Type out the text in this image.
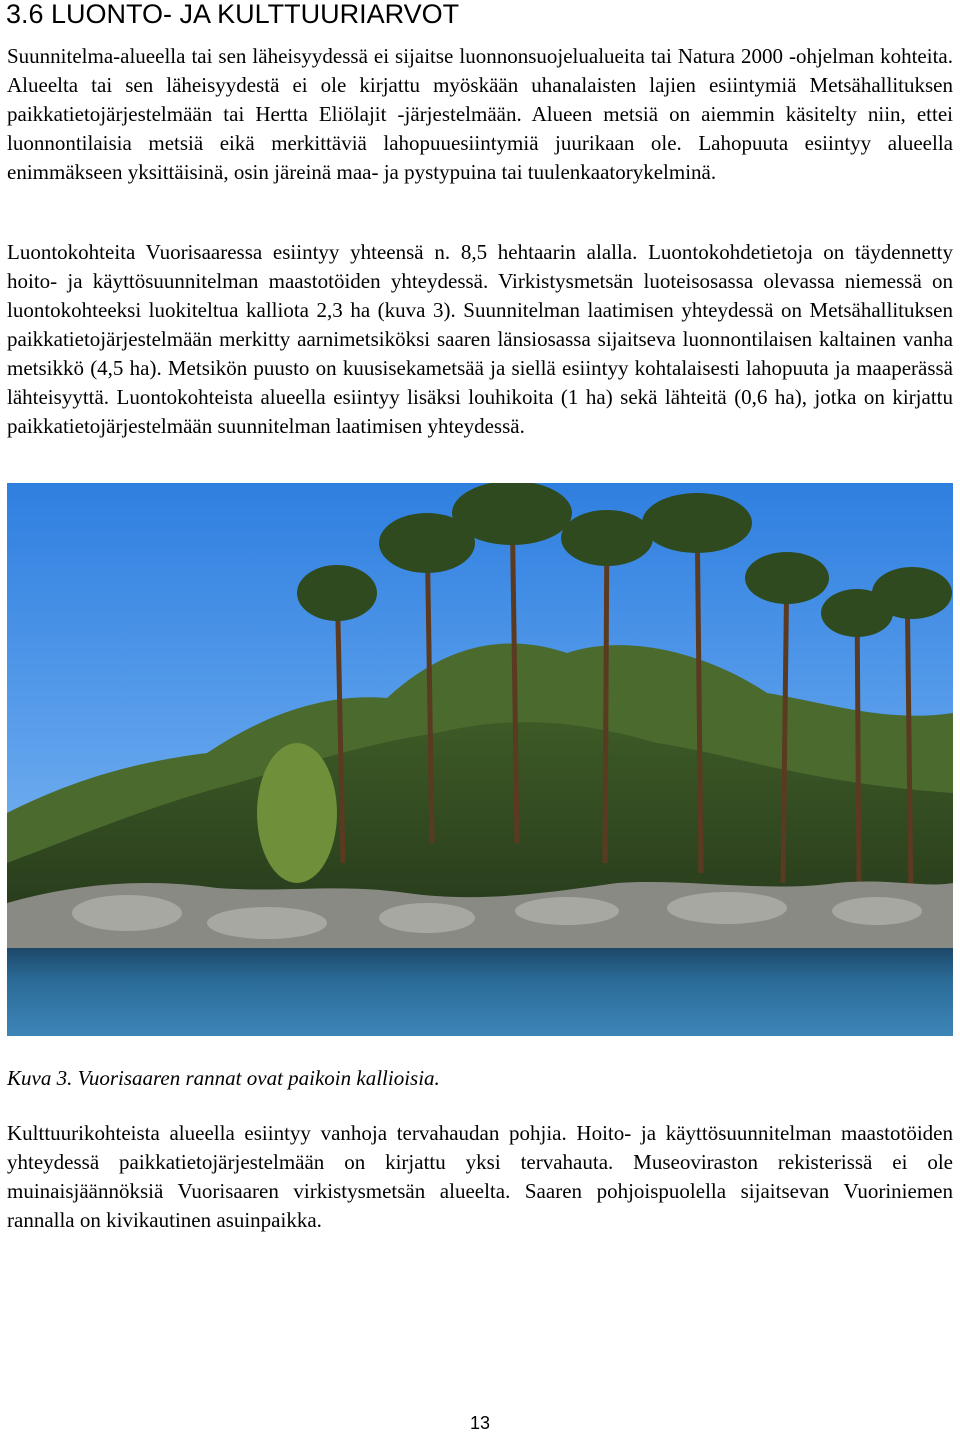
3.6 LUONTO- JA KULTTUURIARVOT

Suunnitelma-alueella tai sen läheisyydessä ei sijaitse luonnonsuojelualueita tai Natura 2000 -ohjelman kohteita. Alueelta tai sen läheisyydestä ei ole kirjattu myöskään uhanalaisten lajien esiintymiä Metsähallituksen paikkatietojärjestelmään tai Hertta Eliölajit -järjestelmään. Alueen metsiä on aiemmin käsitelty niin, ettei luonnontilaisia metsiä eikä merkittäviä lahopuuesiintymiä juurikaan ole. Lahopuuta esiintyy alueella enimmäkseen yksittäisinä, osin järeinä maa- ja pystypuina tai tuulenkaatorykelminä.

Luontokohteita Vuorisaaressa esiintyy yhteensä n. 8,5 hehtaarin alalla. Luontokohdetietoja on täydennetty hoito- ja käyttösuunnitelman maastotöiden yhteydessä. Virkistysmetsän luoteisosassa olevassa niemessä on luontokohteeksi luokiteltua kalliota 2,3 ha (kuva 3). Suunnitelman laatimisen yhteydessä on Metsähallituksen paikkatietojärjestelmään merkitty aarnimetsiköksi saaren länsiosassa sijaitseva luonnontilaisen kaltainen vanha metsikkö (4,5 ha). Metsikön puusto on kuusisekametsää ja siellä esiintyy kohtalaisesti lahopuuta ja maaperässä lähteisyyttä. Luontokohteista alueella esiintyy lisäksi louhikoita (1 ha) sekä lähteitä (0,6 ha), jotka on kirjattu paikkatietojärjestelmään suunnitelman laatimisen yhteydessä.

Kuva 3. Vuorisaaren rannat ovat paikoin kallioisia.

Kulttuurikohteista alueella esiintyy vanhoja tervahaudan pohjia. Hoito- ja käyttösuunnitelman maastotöiden yhteydessä paikkatietojärjestelmään on kirjattu yksi tervahauta. Museoviraston rekisterissä ei ole muinaisjäännöksiä Vuorisaaren virkistysmetsän alueelta. Saaren pohjoispuolella sijaitsevan Vuoriniemen rannalla on kivikautinen asuinpaikka.

13
